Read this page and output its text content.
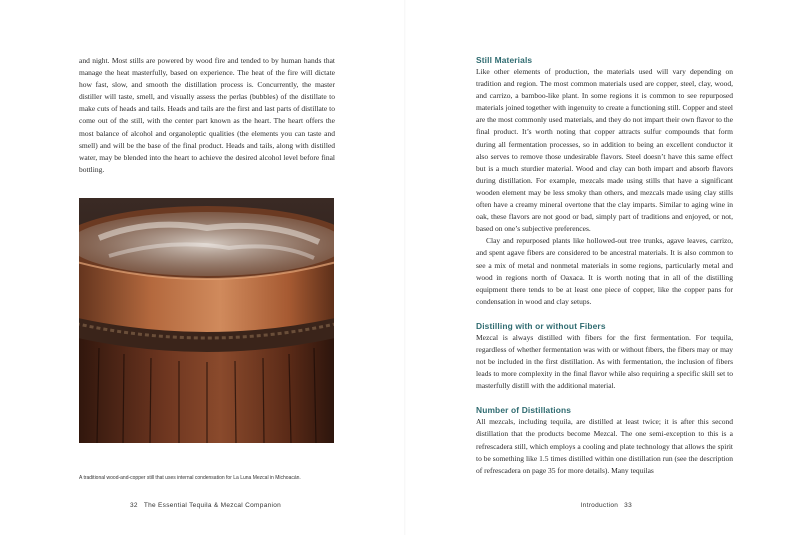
and night. Most stills are powered by wood fire and tended to by human hands that manage the heat masterfully, based on experience. The heat of the fire will dictate how fast, slow, and smooth the distillation process is. Concurrently, the master distiller will taste, smell, and visually assess the perlas (bubbles) of the distillate to make cuts of heads and tails. Heads and tails are the first and last parts of distillate to come out of the still, with the center part known as the heart. The heart offers the most balance of alcohol and organoleptic qualities (the elements you can taste and smell) and will be the base of the final product. Heads and tails, along with distilled water, may be blended into the heart to achieve the desired alcohol level before final bottling.

A traditional wood-and-copper still that uses internal condensation for La Luna Mezcal in Michoacán.

32 The Essential Tequila & Mezcal Companion
Still Materials

Like other elements of production, the materials used will vary depending on tradition and region. The most common materials used are copper, steel, clay, wood, and carrizo, a bamboo-like plant. In some regions it is common to see repurposed materials joined together with ingenuity to create a functioning still. Copper and steel are the most commonly used materials, and they do not impart their own flavor to the final product. It’s worth noting that copper attracts sulfur compounds that form during all fermentation processes, so in addition to being an excellent conductor it also serves to remove those undesirable flavors. Steel doesn’t have this same effect but is a much sturdier material. Wood and clay can both impart and absorb flavors during distillation. For example, mezcals made using stills that have a significant wooden element may be less smoky than others, and mezcals made using clay stills often have a creamy mineral overtone that the clay imparts. Similar to aging wine in oak, these flavors are not good or bad, simply part of traditions and enjoyed, or not, based on one’s subjective preferences.

Clay and repurposed plants like hollowed-out tree trunks, agave leaves, carrizo, and spent agave fibers are considered to be ancestral materials. It is also common to see a mix of metal and nonmetal materials in some regions, particularly metal and wood in regions north of Oaxaca. It is worth noting that in all of the distilling equipment there tends to be at least one piece of copper, like the copper pans for condensation in wood and clay setups.

Distilling with or without Fibers

Mezcal is always distilled with fibers for the first fermentation. For tequila, regardless of whether fermentation was with or without fibers, the fibers may or may not be included in the first distillation. As with fermentation, the inclusion of fibers leads to more complexity in the final flavor while also requiring a specific skill set to masterfully distill with the additional material.

Number of Distillations

All mezcals, including tequila, are distilled at least twice; it is after this second distillation that the products become Mezcal. The one semi-exception to this is a refrescadera still, which employs a cooling and plate technology that allows the spirit to be something like 1.5 times distilled within one distillation run (see the description of refrescadera on page 35 for more details). Many tequilas

Introduction 33
